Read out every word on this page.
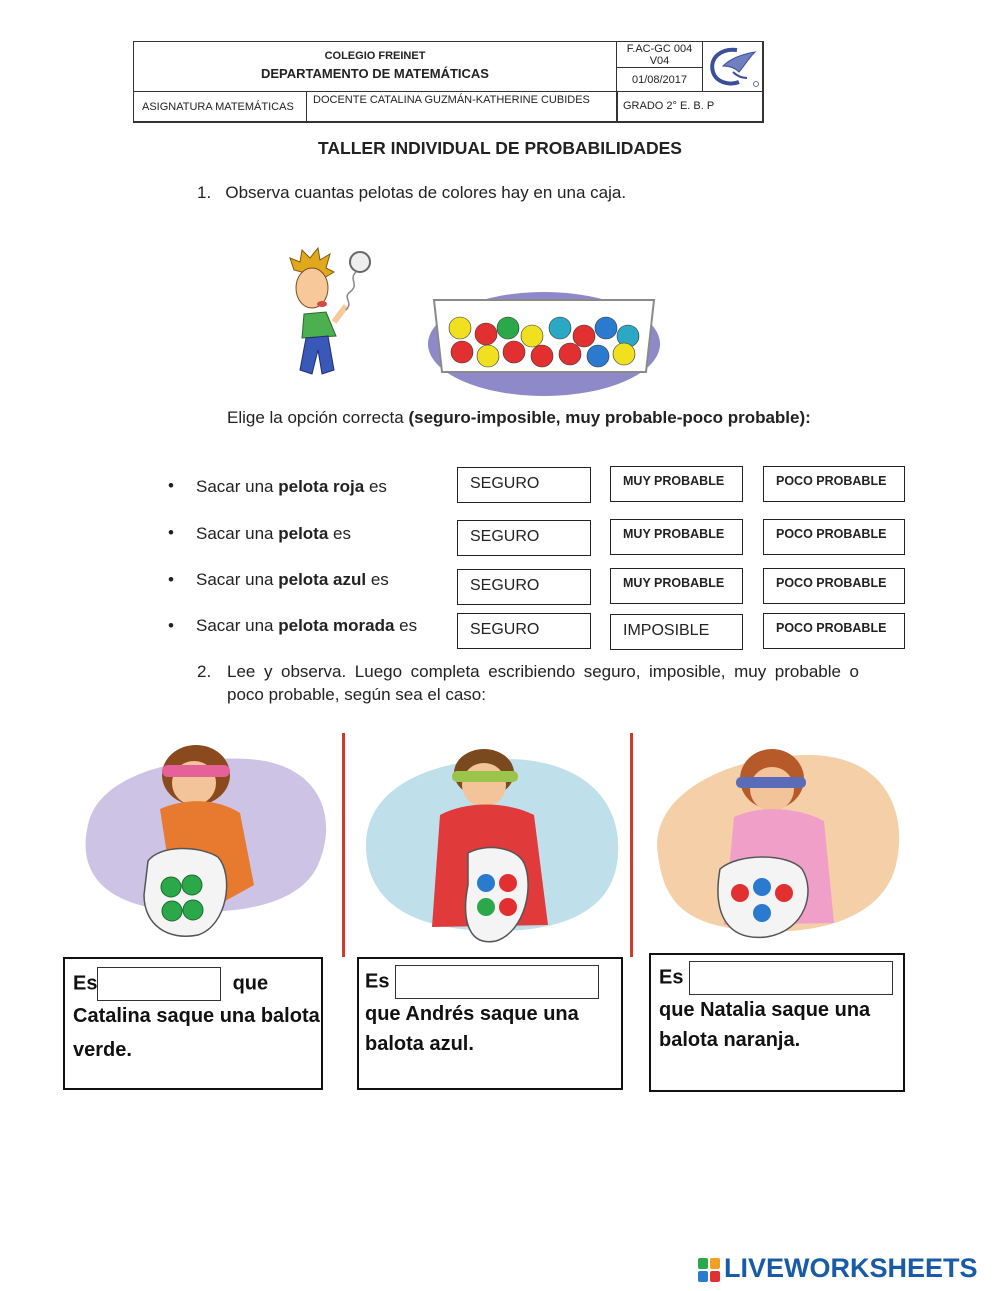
COLEGIO FREINET
DEPARTAMENTO DE MATEMÁTICAS
F.AC-GC 004
V04
01/08/2017
ASIGNATURA MATEMÁTICAS
DOCENTE CATALINA GUZMÁN-KATHERINE CUBIDES	GRADO 2° E. B. P
TALLER INDIVIDUAL DE PROBABILIDADES
1. Observa cuantas pelotas de colores hay en una caja.
Elige la opción correcta (seguro-imposible, muy probable-poco probable):
• Sacar una pelota roja es	SEGURO	MUY PROBABLE	POCO PROBABLE
• Sacar una pelota es	SEGURO	MUY PROBABLE	POCO PROBABLE
• Sacar una pelota azul es	SEGURO	MUY PROBABLE	POCO PROBABLE
• Sacar una pelota morada es	SEGURO	IMPOSIBLE	POCO PROBABLE
2. Lee y observa. Luego completa escribiendo seguro, imposible, muy probable o poco probable, según sea el caso:
Es	que
Catalina saque una balota
verde.
Es
que Andrés saque una
balota azul.
Es
que Natalia saque una
balota naranja.
LIVEWORKSHEETS
